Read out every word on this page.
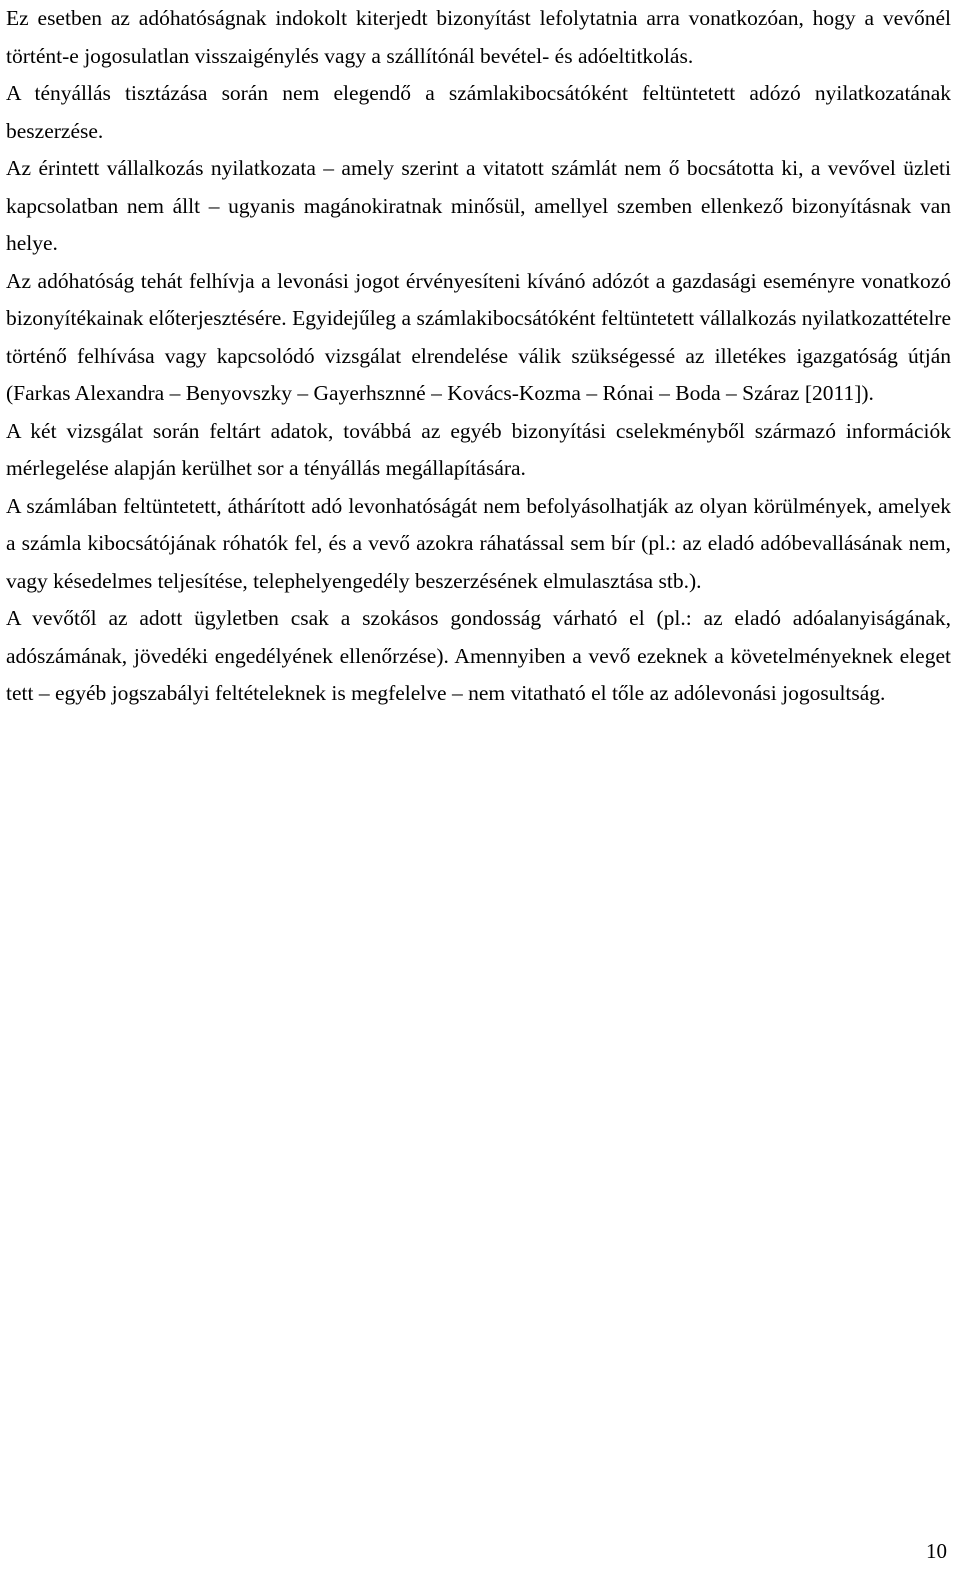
Ez esetben az adóhatóságnak indokolt kiterjedt bizonyítást lefolytatnia arra vonatkozóan, hogy a vevőnél történt-e jogosulatlan visszaigénylés vagy a szállítónál bevétel- és adóeltitkolás.

A tényállás tisztázása során nem elegendő a számlakibocsátóként feltüntetett adózó nyilatkozatának beszerzése.

Az érintett vállalkozás nyilatkozata – amely szerint a vitatott számlát nem ő bocsátotta ki, a vevővel üzleti kapcsolatban nem állt – ugyanis magánokiratnak minősül, amellyel szemben ellenkező bizonyításnak van helye.

Az adóhatóság tehát felhívja a levonási jogot érvényesíteni kívánó adózót a gazdasági eseményre vonatkozó bizonyítékainak előterjesztésére. Egyidejűleg a számlakibocsátóként feltüntetett vállalkozás nyilatkozattételre történő felhívása vagy kapcsolódó vizsgálat elrendelése válik szükségessé az illetékes igazgatóság útján (Farkas Alexandra – Benyovszky – Gayerhsznné – Kovács-Kozma – Rónai – Boda – Száraz [2011]).

A két vizsgálat során feltárt adatok, továbbá az egyéb bizonyítási cselekményből származó információk mérlegelése alapján kerülhet sor a tényállás megállapítására.

A számlában feltüntetett, áthárított adó levonhatóságát nem befolyásolhatják az olyan körülmények, amelyek a számla kibocsátójának róhatók fel, és a vevő azokra ráhatással sem bír (pl.: az eladó adóbevallásának nem, vagy késedelmes teljesítése, telephelyengedély beszerzésének elmulasztása stb.).

A vevőtől az adott ügyletben csak a szokásos gondosság várható el (pl.: az eladó adóalanyiságának, adószámának, jövedéki engedélyének ellenőrzése). Amennyiben a vevő ezeknek a követelményeknek eleget tett – egyéb jogszabályi feltételeknek is megfelelve – nem vitatható el tőle az adólevonási jogosultság.

10
